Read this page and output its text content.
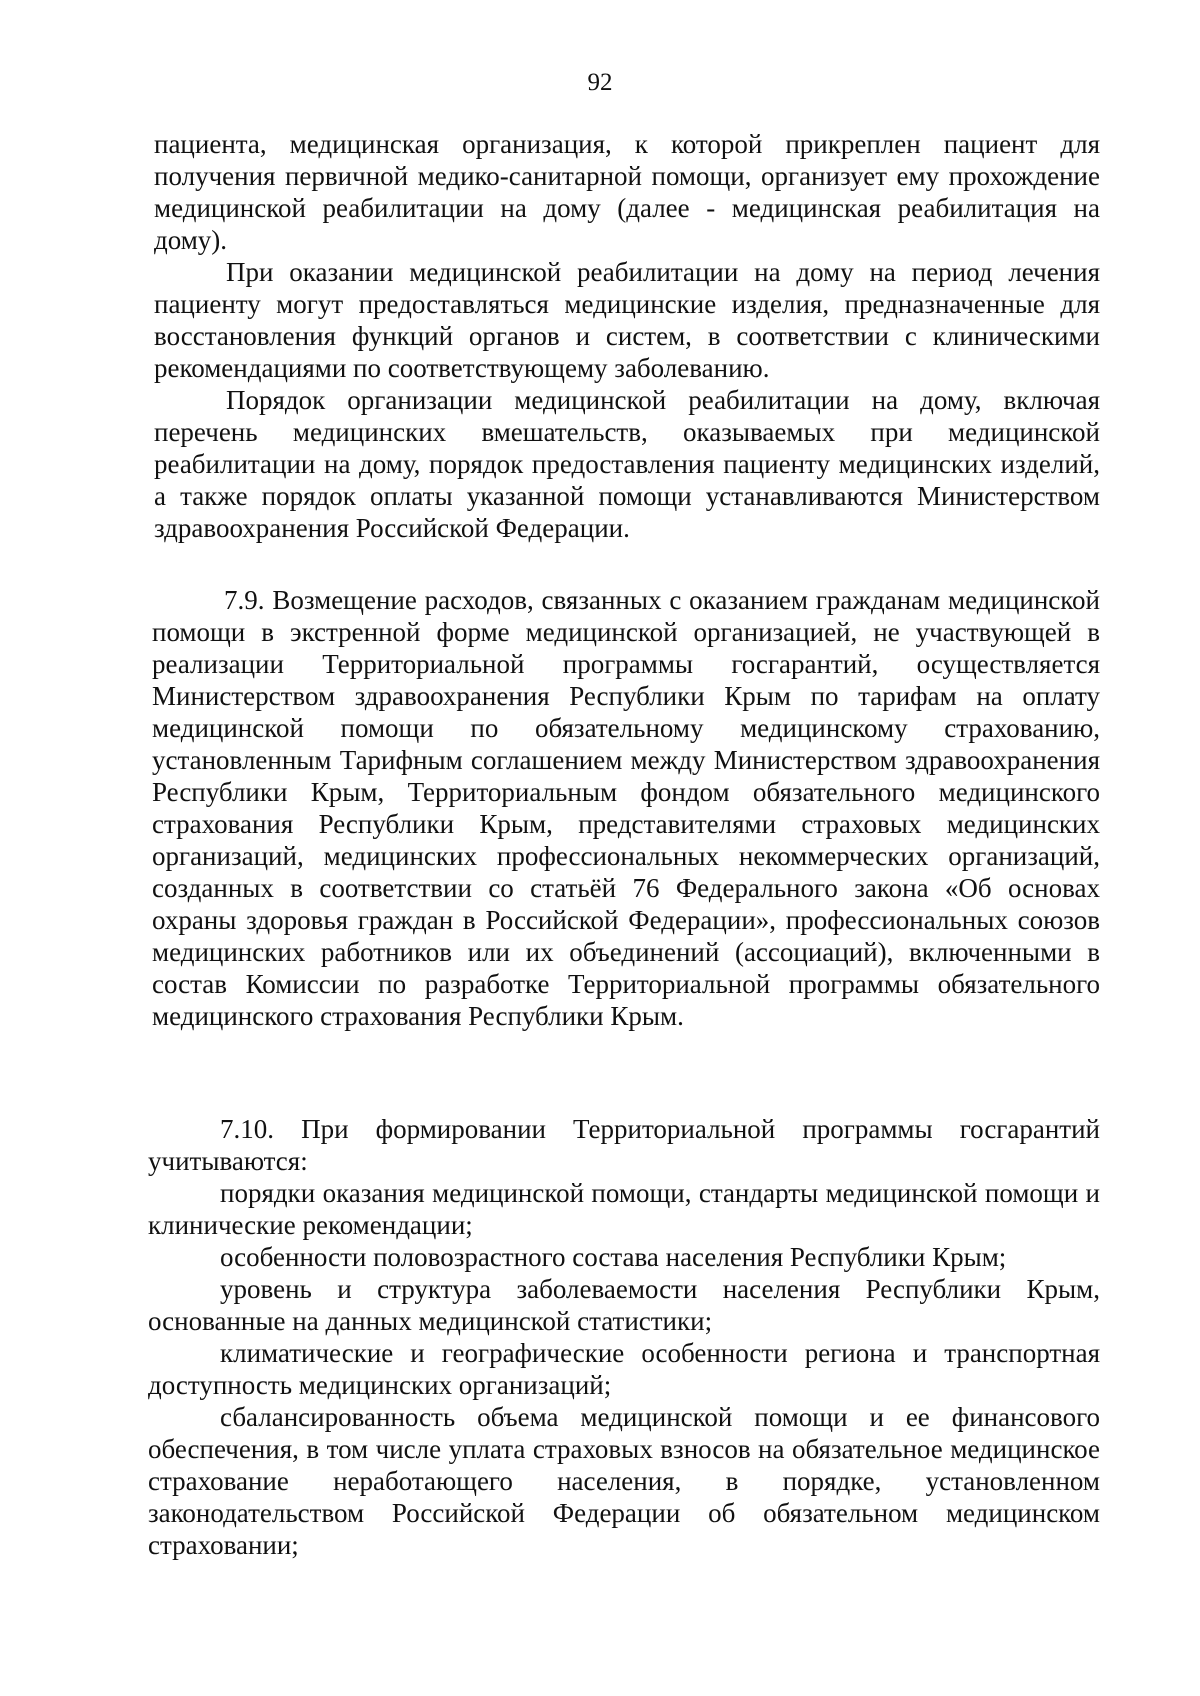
92

пациента, медицинская организация, к которой прикреплен пациент для получения первичной медико-санитарной помощи, организует ему прохождение медицинской реабилитации на дому (далее - медицинская реабилитация на дому).

При оказании медицинской реабилитации на дому на период лечения пациенту могут предоставляться медицинские изделия, предназначенные для восстановления функций органов и систем, в соответствии с клиническими рекомендациями по соответствующему заболеванию.

Порядок организации медицинской реабилитации на дому, включая перечень медицинских вмешательств, оказываемых при медицинской реабилитации на дому, порядок предоставления пациенту медицинских изделий, а также порядок оплаты указанной помощи устанавливаются Министерством здравоохранения Российской Федерации.

7.9. Возмещение расходов, связанных с оказанием гражданам медицинской помощи в экстренной форме медицинской организацией, не участвующей в реализации Территориальной программы госгарантий, осуществляется Министерством здравоохранения Республики Крым по тарифам на оплату медицинской помощи по обязательному медицинскому страхованию, установленным Тарифным соглашением между Министерством здравоохранения Республики Крым, Территориальным фондом обязательного медицинского страхования Республики Крым, представителями страховых медицинских организаций, медицинских профессиональных некоммерческих организаций, созданных в соответствии со статьёй 76 Федерального закона «Об основах охраны здоровья граждан в Российской Федерации», профессиональных союзов медицинских работников или их объединений (ассоциаций), включенными в состав Комиссии по разработке Территориальной программы обязательного медицинского страхования Республики Крым.

7.10. При формировании Территориальной программы госгарантий учитываются:

порядки оказания медицинской помощи, стандарты медицинской помощи и клинические рекомендации;

особенности половозрастного состава населения Республики Крым;

уровень и структура заболеваемости населения Республики Крым, основанные на данных медицинской статистики;

климатические и географические особенности региона и транспортная доступность медицинских организаций;

сбалансированность объема медицинской помощи и ее финансового обеспечения, в том числе уплата страховых взносов на обязательное медицинское страхование неработающего населения, в порядке, установленном законодательством Российской Федерации об обязательном медицинском страховании;
